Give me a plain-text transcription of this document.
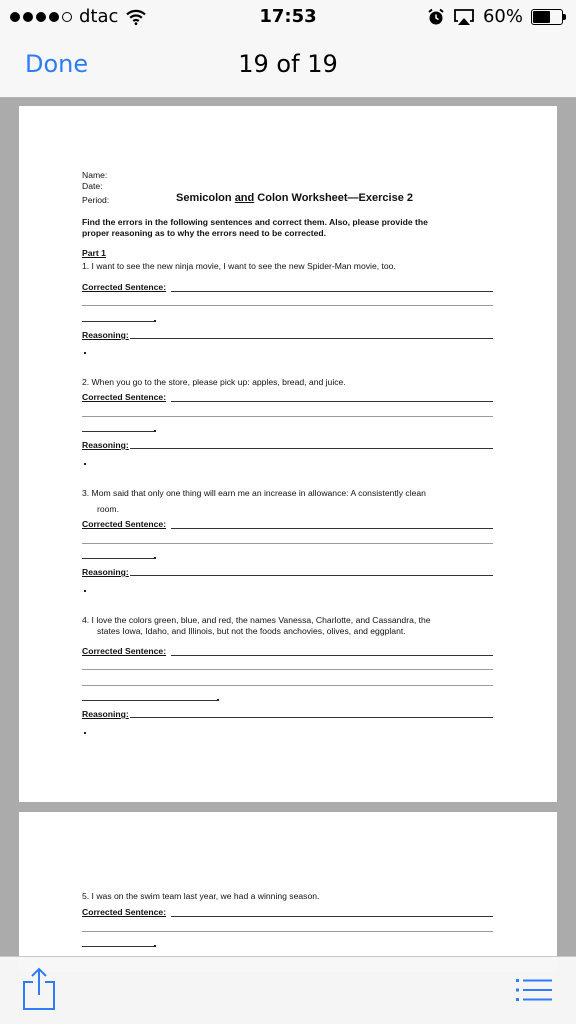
dtac	17:53	60%
Done	19 of 19
Name:
Date:
Period:	Semicolon and Colon Worksheet—Exercise 2
Find the errors in the following sentences and correct them. Also, please provide the
proper reasoning as to why the errors need to be corrected.
Part 1
1. I want to see the new ninja movie, I want to see the new Spider-Man movie, too.
Corrected Sentence:
Reasoning:
2. When you go to the store, please pick up: apples, bread, and juice.
Corrected Sentence:
Reasoning:
3. Mom said that only one thing will earn me an increase in allowance: A consistently clean
room.
Corrected Sentence:
Reasoning:
4. I love the colors green, blue, and red, the names Vanessa, Charlotte, and Cassandra, the
states Iowa, Idaho, and Illinois, but not the foods anchovies, olives, and eggplant.
Corrected Sentence:
Reasoning:
5. I was on the swim team last year, we had a winning season.
Corrected Sentence:
